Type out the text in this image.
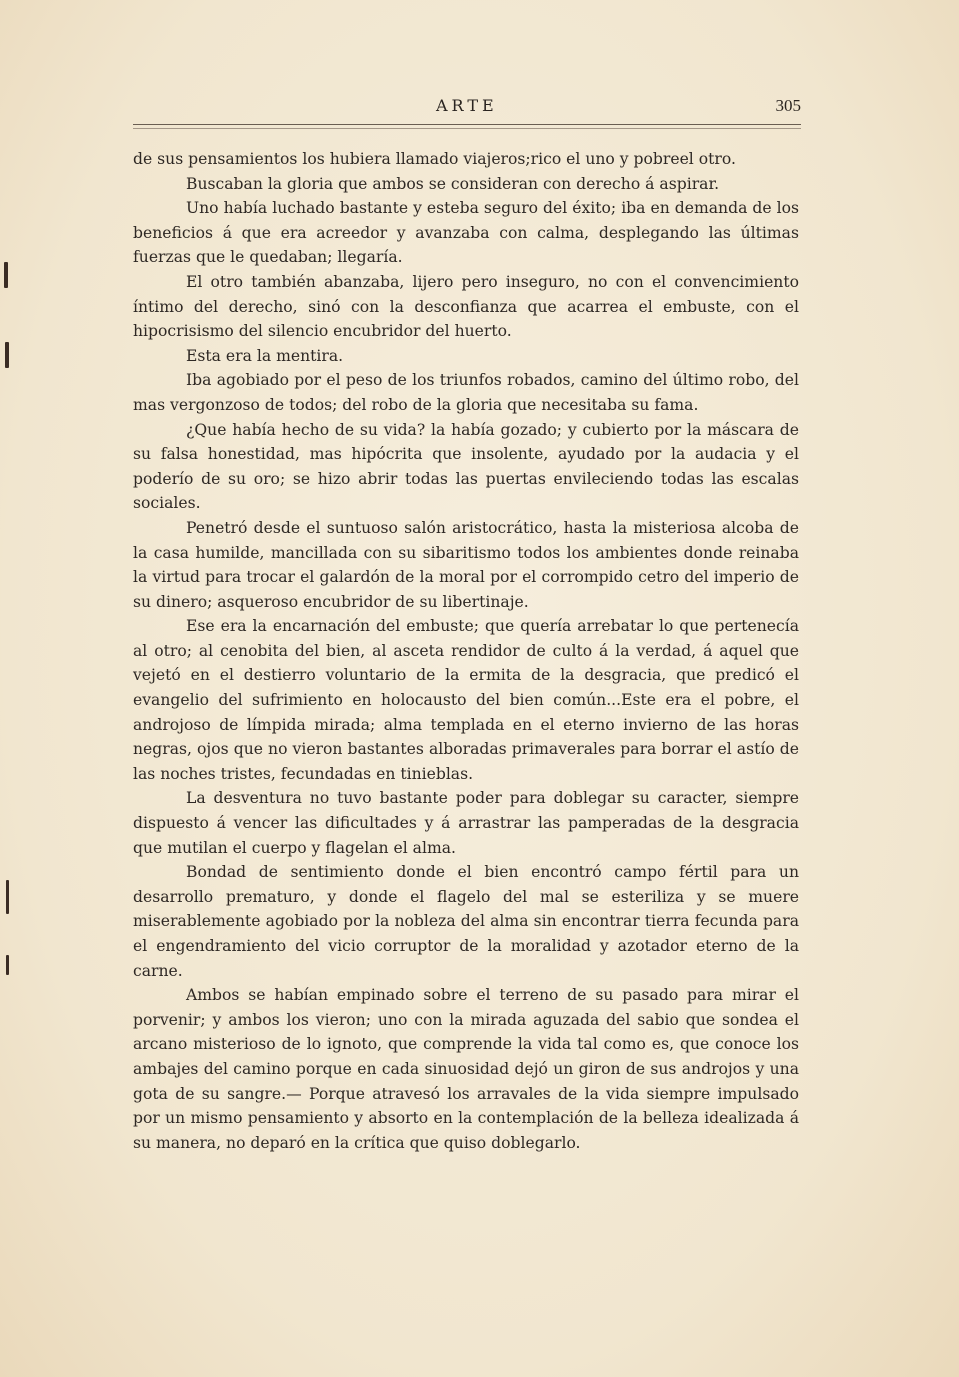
ARTE	305

de sus pensamientos los hubiera llamado viajeros;rico el uno y pobreel otro.

Buscaban la gloria que ambos se consideran con derecho á aspirar.

Uno había luchado bastante y esteba seguro del éxito; iba en demanda de los beneficios á que era acreedor y avanzaba con calma, desplegando las últimas fuerzas que le quedaban; llegaría.

El otro también abanzaba, lijero pero inseguro, no con el convencimiento íntimo del derecho, sinó con la desconfianza que acarrea el embuste, con el hipocrisismo del silencio encubridor del huerto.

Esta era la mentira.

Iba agobiado por el peso de los triunfos robados, camino del último robo, del mas vergonzoso de todos; del robo de la gloria que necesitaba su fama.

¿Que había hecho de su vida? la había gozado; y cubierto por la máscara de su falsa honestidad, mas hipócrita que insolente, ayudado por la audacia y el poderío de su oro; se hizo abrir todas las puertas envileciendo todas las escalas sociales.

Penetró desde el suntuoso salón aristocrático, hasta la misteriosa alcoba de la casa humilde, mancillada con su sibaritismo todos los ambientes donde reinaba la virtud para trocar el galardón de la moral por el corrompido cetro del imperio de su dinero; asqueroso encubridor de su libertinaje.

Ese era la encarnación del embuste; que quería arrebatar lo que pertenecía al otro; al cenobita del bien, al asceta rendidor de culto á la verdad, á aquel que vejetó en el destierro voluntario de la ermita de la desgracia, que predicó el evangelio del sufrimiento en holocausto del bien común...Este era el pobre, el androjoso de límpida mirada; alma templada en el eterno invierno de las horas negras, ojos que no vieron bastantes alboradas primaverales para borrar el astío de las noches tristes, fecundadas en tinieblas.

La desventura no tuvo bastante poder para doblegar su caracter, siempre dispuesto á vencer las dificultades y á arrastrar las pamperadas de la desgracia que mutilan el cuerpo y flagelan el alma.

Bondad de sentimiento donde el bien encontró campo fértil para un desarrollo prematuro, y donde el flagelo del mal se esteriliza y se muere miserablemente agobiado por la nobleza del alma sin encontrar tierra fecunda para el engendramiento del vicio corruptor de la moralidad y azotador eterno de la carne.

Ambos se habían empinado sobre el terreno de su pasado para mirar el porvenir; y ambos los vieron; uno con la mirada aguzada del sabio que sondea el arcano misterioso de lo ignoto, que comprende la vida tal como es, que conoce los ambajes del camino porque en cada sinuosidad dejó un giron de sus androjos y una gota de su sangre.— Porque atravesó los arravales de la vida siempre impulsado por un mismo pensamiento y absorto en la contemplación de la belleza idealizada á su manera, no deparó en la crítica que quiso doblegarlo.
